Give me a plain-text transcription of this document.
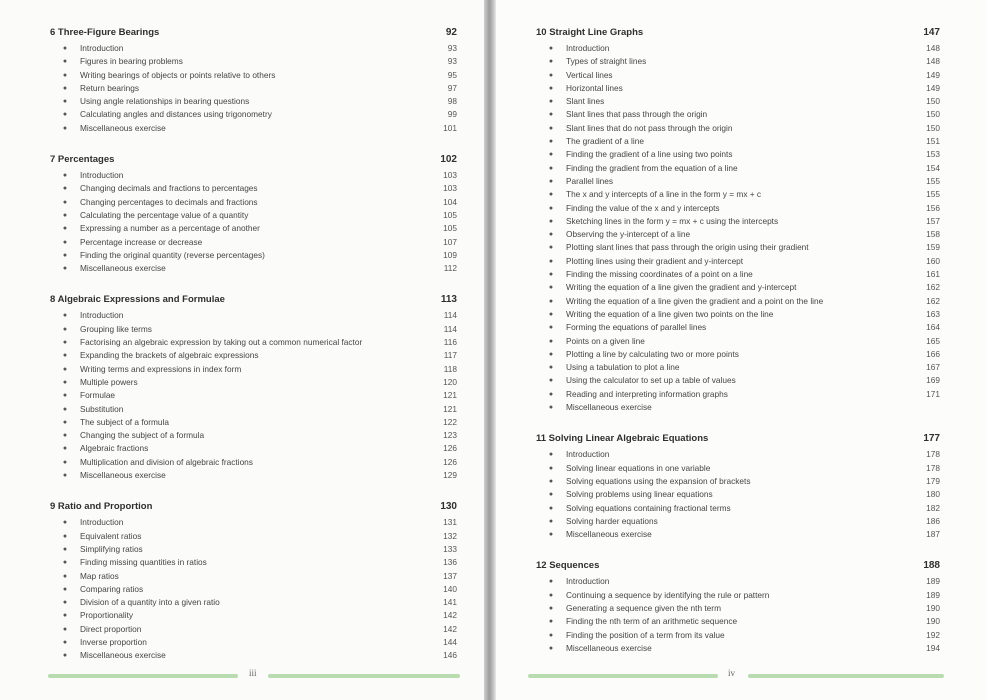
6 Three-Figure Bearings	92
●	Introduction	93
●	Figures in bearing problems	93
●	Writing bearings of objects or points relative to others	95
●	Return bearings	97
●	Using angle relationships in bearing questions	98
●	Calculating angles and distances using trigonometry	99
●	Miscellaneous exercise	101
7 Percentages	102
●	Introduction	103
●	Changing decimals and fractions to percentages	103
●	Changing percentages to decimals and fractions	104
●	Calculating the percentage value of a quantity	105
●	Expressing a number as a percentage of another	105
●	Percentage increase or decrease	107
●	Finding the original quantity (reverse percentages)	109
●	Miscellaneous exercise	112
8 Algebraic Expressions and Formulae	113
●	Introduction	114
●	Grouping like terms	114
●	Factorising an algebraic expression by taking out a common numerical factor	116
●	Expanding the brackets of algebraic expressions	117
●	Writing terms and expressions in index form	118
●	Multiple powers	120
●	Formulae	121
●	Substitution	121
●	The subject of a formula	122
●	Changing the subject of a formula	123
●	Algebraic fractions	126
●	Multiplication and division of algebraic fractions	126
●	Miscellaneous exercise	129
9 Ratio and Proportion	130
●	Introduction	131
●	Equivalent ratios	132
●	Simplifying ratios	133
●	Finding missing quantities in ratios	136
●	Map ratios	137
●	Comparing ratios	140
●	Division of a quantity into a given ratio	141
●	Proportionality	142
●	Direct proportion	142
●	Inverse proportion	144
●	Miscellaneous exercise	146
iii
10 Straight Line Graphs	147
●	Introduction	148
●	Types of straight lines	148
●	Vertical lines	149
●	Horizontal lines	149
●	Slant lines	150
●	Slant lines that pass through the origin	150
●	Slant lines that do not pass through the origin	150
●	The gradient of a line	151
●	Finding the gradient of a line using two points	153
●	Finding the gradient from the equation of a line	154
●	Parallel lines	155
●	The x and y intercepts of a line in the form y = mx + c	155
●	Finding the value of the x and y intercepts	156
●	Sketching lines in the form y = mx + c using the intercepts	157
●	Observing the y-intercept of a line	158
●	Plotting slant lines that pass through the origin using their gradient	159
●	Plotting lines using their gradient and y-intercept	160
●	Finding the missing coordinates of a point on a line	161
●	Writing the equation of a line given the gradient and y-intercept	162
●	Writing the equation of a line given the gradient and a point on the line	162
●	Writing the equation of a line given two points on the line	163
●	Forming the equations of parallel lines	164
●	Points on a given line	165
●	Plotting a line by calculating two or more points	166
●	Using a tabulation to plot a line	167
●	Using the calculator to set up a table of values	169
●	Reading and interpreting information graphs	171
●	Miscellaneous exercise
11 Solving Linear Algebraic Equations	177
●	Introduction	178
●	Solving linear equations in one variable	178
●	Solving equations using the expansion of brackets	179
●	Solving problems using linear equations	180
●	Solving equations containing fractional terms	182
●	Solving harder equations	186
●	Miscellaneous exercise	187
12 Sequences	188
●	Introduction	189
●	Continuing a sequence by identifying the rule or pattern	189
●	Generating a sequence given the nth term	190
●	Finding the nth term of an arithmetic sequence	190
●	Finding the position of a term from its value	192
●	Miscellaneous exercise	194
iv
